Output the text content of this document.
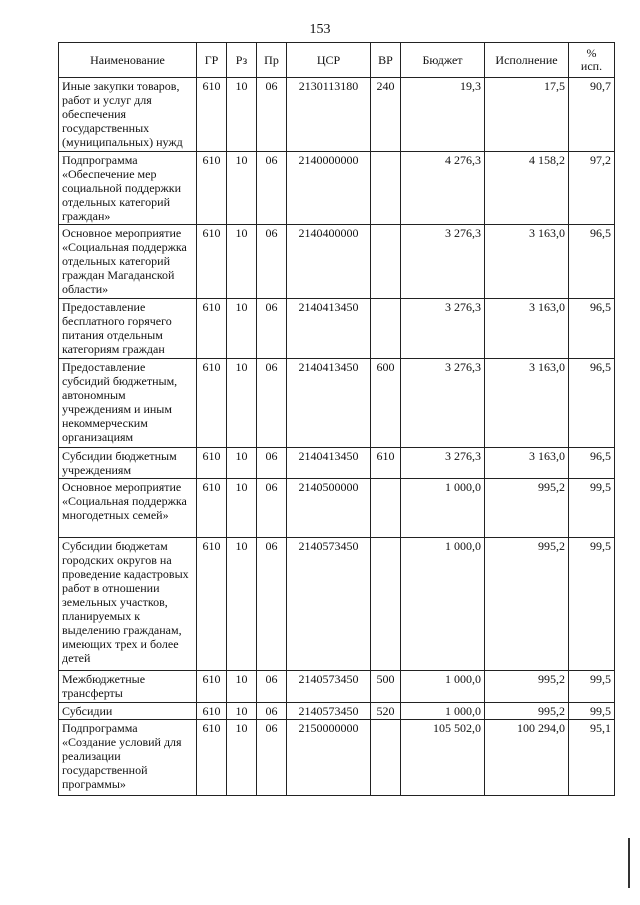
153
Наименование	ГР	Рз	Пр	ЦСР	ВР	Бюджет	Исполнение	%
исп.

Иные закупки товаров, работ и услуг для обеспечения государственных (муниципальных) нужд	610	10	06	2130113180	240	19,3	17,5	90,7
Подпрограмма «Обеспечение мер социальной поддержки отдельных категорий граждан»	610	10	06	2140000000		4 276,3	4 158,2	97,2
Основное мероприятие «Социальная поддержка отдельных категорий граждан Магаданской области»	610	10	06	2140400000		3 276,3	3 163,0	96,5
Предоставление бесплатного горячего питания отдельным категориям граждан	610	10	06	2140413450		3 276,3	3 163,0	96,5
Предоставление субсидий бюджетным, автономным учреждениям и иным некоммерческим организациям	610	10	06	2140413450	600	3 276,3	3 163,0	96,5
Субсидии бюджетным учреждениям	610	10	06	2140413450	610	3 276,3	3 163,0	96,5
Основное мероприятие «Социальная поддержка многодетных семей»	610	10	06	2140500000		1 000,0	995,2	99,5
Субсидии бюджетам городских округов на проведение кадастровых работ в отношении земельных участков, планируемых к выделению гражданам, имеющих трех и более детей	610	10	06	2140573450		1 000,0	995,2	99,5
Межбюджетные трансферты	610	10	06	2140573450	500	1 000,0	995,2	99,5
Субсидии	610	10	06	2140573450	520	1 000,0	995,2	99,5
Подпрограмма «Создание условий для реализации государственной программы»	610	10	06	2150000000		105 502,0	100 294,0	95,1
